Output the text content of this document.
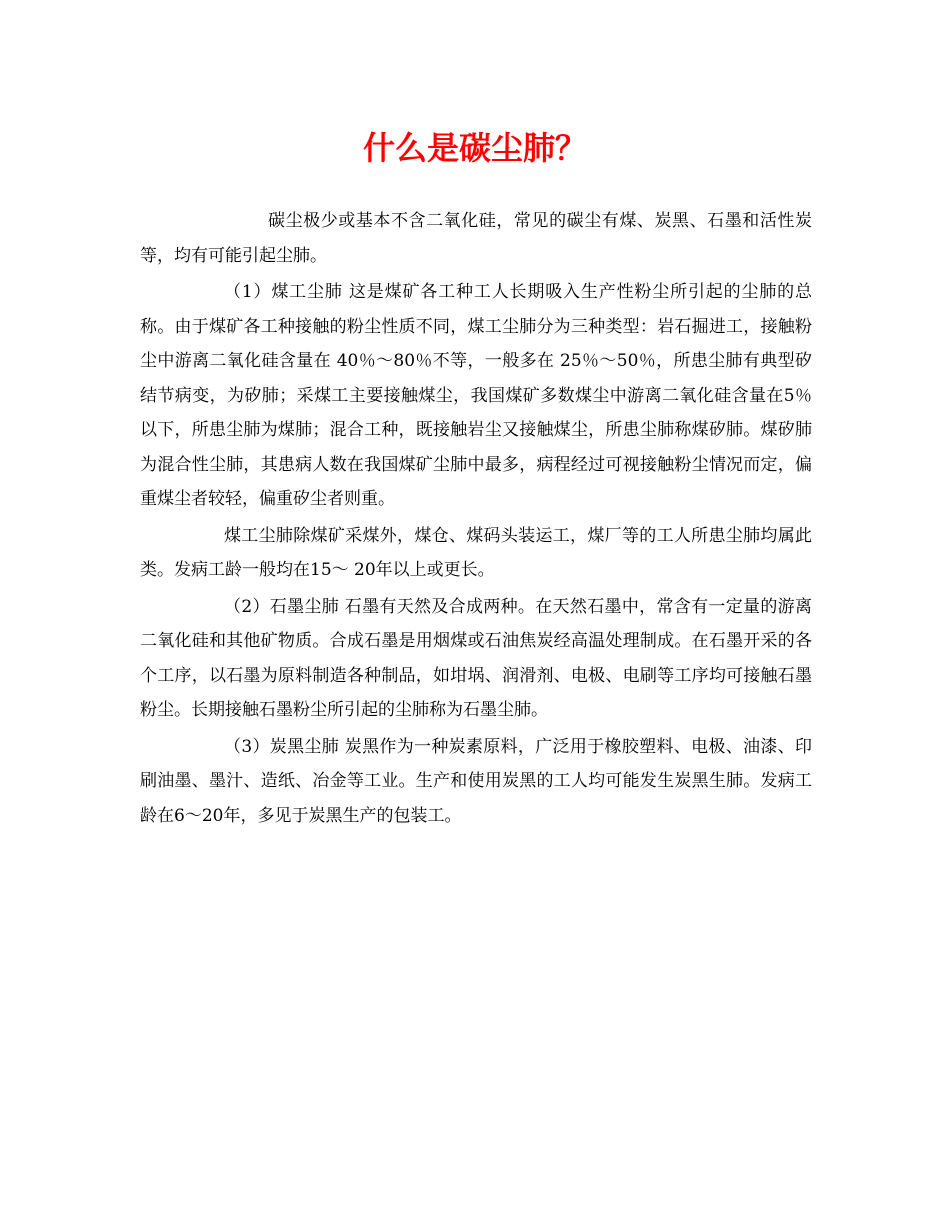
什么是碳尘肺？

碳尘极少或基本不含二氧化硅，常见的碳尘有煤、炭黑、石墨和活性炭等，均有可能引起尘肺。

（1）煤工尘肺 这是煤矿各工种工人长期吸入生产性粉尘所引起的尘肺的总称。由于煤矿各工种接触的粉尘性质不同，煤工尘肺分为三种类型：岩石掘进工，接触粉尘中游离二氧化硅含量在 40％～80％不等，一般多在 25％～50％，所患尘肺有典型矽结节病变，为矽肺；采煤工主要接触煤尘，我国煤矿多数煤尘中游离二氧化硅含量在5％以下，所患尘肺为煤肺；混合工种，既接触岩尘又接触煤尘，所患尘肺称煤矽肺。煤矽肺为混合性尘肺，其患病人数在我国煤矿尘肺中最多，病程经过可视接触粉尘情况而定，偏重煤尘者较轻，偏重矽尘者则重。

煤工尘肺除煤矿采煤外，煤仓、煤码头装运工，煤厂等的工人所患尘肺均属此类。发病工龄一般均在15～ 20年以上或更长。

（2）石墨尘肺 石墨有天然及合成两种。在天然石墨中，常含有一定量的游离二氧化硅和其他矿物质。合成石墨是用烟煤或石油焦炭经高温处理制成。在石墨开采的各个工序，以石墨为原料制造各种制品，如坩埚、润滑剂、电极、电刷等工序均可接触石墨粉尘。长期接触石墨粉尘所引起的尘肺称为石墨尘肺。

（3）炭黑尘肺 炭黑作为一种炭素原料，广泛用于橡胶塑料、电极、油漆、印刷油墨、墨汁、造纸、冶金等工业。生产和使用炭黑的工人均可能发生炭黑生肺。发病工龄在6～20年，多见于炭黑生产的包装工。
